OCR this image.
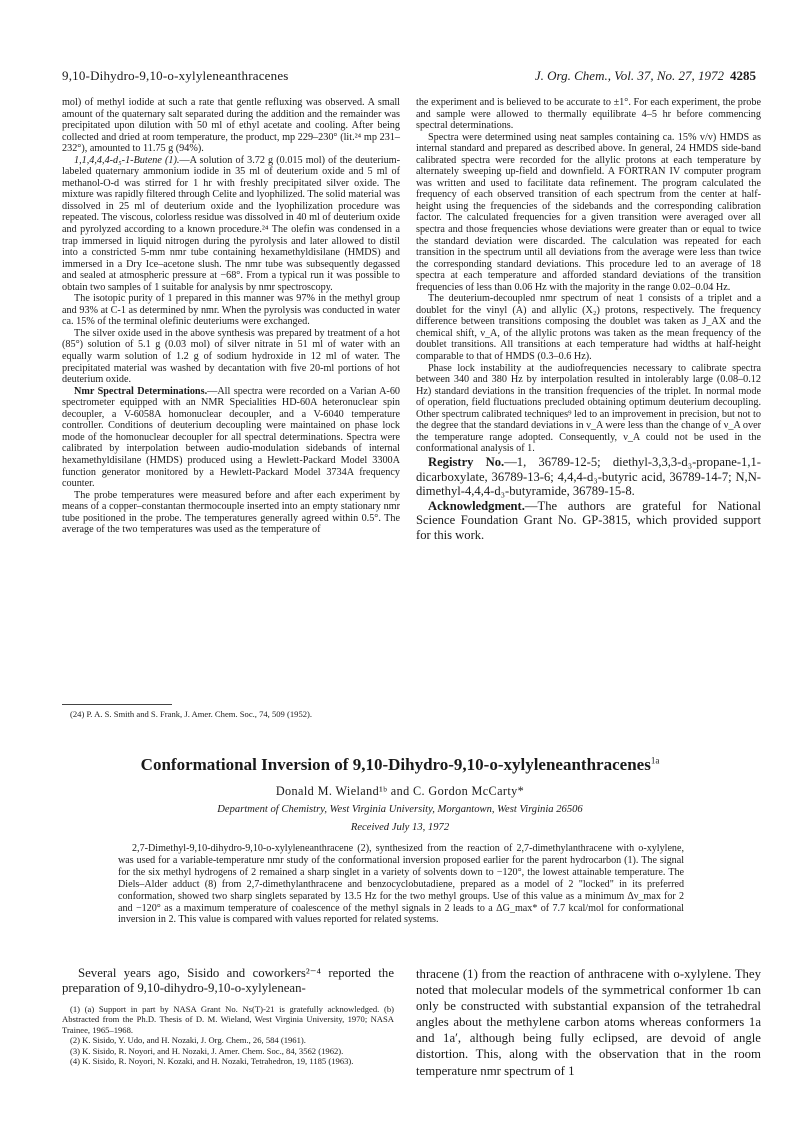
9,10-Dihydro-9,10-o-xylyleneanthracenes	J. Org. Chem., Vol. 37, No. 27, 1972 4285

mol) of methyl iodide at such a rate that gentle refluxing was observed. A small amount of the quaternary salt separated during the addition and the remainder was precipitated upon dilution with 50 ml of ethyl acetate and cooling. After being collected and dried at room temperature, the product, mp 229–230° (lit.²⁴ mp 231–232°), amounted to 11.75 g (94%).

1,1,4,4,4-d₅-1-Butene (1).—A solution of 3.72 g (0.015 mol) of the deuterium-labeled quaternary ammonium iodide in 35 ml of deuterium oxide and 5 ml of methanol-O-d was stirred for 1 hr with freshly precipitated silver oxide. The mixture was rapidly filtered through Celite and lyophilized. The solid material was dissolved in 25 ml of deuterium oxide and the lyophilization procedure was repeated. The viscous, colorless residue was dissolved in 40 ml of deuterium oxide and pyrolyzed according to a known procedure.²⁴ The olefin was condensed in a trap immersed in liquid nitrogen during the pyrolysis and later allowed to distil into a constricted 5-mm nmr tube containing hexamethyldisilane (HMDS) and immersed in a Dry Ice–acetone slush. The nmr tube was subsequently degassed and sealed at atmospheric pressure at −68°. From a typical run it was possible to obtain two samples of 1 suitable for analysis by nmr spectroscopy.

The isotopic purity of 1 prepared in this manner was 97% in the methyl group and 93% at C-1 as determined by nmr. When the pyrolysis was conducted in water ca. 15% of the terminal olefinic deuteriums were exchanged.

The silver oxide used in the above synthesis was prepared by treatment of a hot (85°) solution of 5.1 g (0.03 mol) of silver nitrate in 51 ml of water with an equally warm solution of 1.2 g of sodium hydroxide in 12 ml of water. The precipitated material was washed by decantation with five 20-ml portions of hot deuterium oxide.

Nmr Spectral Determinations.—All spectra were recorded on a Varian A-60 spectrometer equipped with an NMR Specialities HD-60A heteronuclear spin decoupler, a V-6058A homonuclear decoupler, and a V-6040 temperature controller. Conditions of deuterium decoupling were maintained on phase lock mode of the homonuclear decoupler for all spectral determinations. Spectra were calibrated by interpolation between audio-modulation sidebands of internal hexamethyldisilane (HMDS) produced using a Hewlett-Packard Model 3300A function generator monitored by a Hewlett-Packard Model 3734A frequency counter.

The probe temperatures were measured before and after each experiment by means of a copper–constantan thermocouple inserted into an empty stationary nmr tube positioned in the probe. The temperatures generally agreed within 0.5°. The average of the two temperatures was used as the temperature of

(24) P. A. S. Smith and S. Frank, J. Amer. Chem. Soc., 74, 509 (1952).

the experiment and is believed to be accurate to ±1°. For each experiment, the probe and sample were allowed to thermally equilibrate 4–5 hr before commencing spectral determinations.

Spectra were determined using neat samples containing ca. 15% v/v) HMDS as internal standard and prepared as described above. In general, 24 HMDS side-band calibrated spectra were recorded for the allylic protons at each temperature by alternately sweeping up-field and downfield. A FORTRAN IV computer program was written and used to facilitate data refinement. The program calculated the frequency of each observed transition of each spectrum from the center at half-height using the frequencies of the sidebands and the corresponding calibration factor. The calculated frequencies for a given transition were averaged over all spectra and those frequencies whose deviations were greater than or equal to twice the standard deviation were discarded. The calculation was repeated for each transition in the spectrum until all deviations from the average were less than twice the corresponding standard deviations. This procedure led to an average of 18 spectra at each temperature and afforded standard deviations of the transition frequencies of less than 0.06 Hz with the majority in the range 0.02–0.04 Hz.

The deuterium-decoupled nmr spectrum of neat 1 consists of a triplet and a doublet for the vinyl (A) and allylic (X₂) protons, respectively. The frequency difference between transitions composing the doublet was taken as J_AX and the chemical shift, ν_A, of the allylic protons was taken as the mean frequency of the doublet transitions. All transitions at each temperature had widths at half-height comparable to that of HMDS (0.3–0.6 Hz).

Phase lock instability at the audiofrequencies necessary to calibrate spectra between 340 and 380 Hz by interpolation resulted in intolerably large (0.08–0.12 Hz) standard deviations in the transition frequencies of the triplet. In normal mode of operation, field fluctuations precluded obtaining optimum deuterium decoupling. Other spectrum calibrated techniques⁹ led to an improvement in precision, but not to the degree that the standard deviations in ν_A were less than the change of ν_A over the temperature range adopted. Consequently, ν_A could not be used in the conformational analysis of 1.

Registry No.—1, 36789-12-5; diethyl-3,3,3-d₃-propane-1,1-dicarboxylate, 36789-13-6; 4,4,4-d₃-butyric acid, 36789-14-7; N,N-dimethyl-4,4,4-d₃-butyramide, 36789-15-8.

Acknowledgment.—The authors are grateful for National Science Foundation Grant No. GP-3815, which provided support for this work.

Conformational Inversion of 9,10-Dihydro-9,10-o-xylyleneanthracenes$^{1a}$
Donald M. Wieland¹ᵇ and C. Gordon McCarty*
Department of Chemistry, West Virginia University, Morgantown, West Virginia 26506
Received July 13, 1972

2,7-Dimethyl-9,10-dihydro-9,10-o-xylyleneanthracene (2), synthesized from the reaction of 2,7-dimethylanthracene with o-xylylene, was used for a variable-temperature nmr study of the conformational inversion proposed earlier for the parent hydrocarbon (1). The signal for the six methyl hydrogens of 2 remained a sharp singlet in a variety of solvents down to −120°, the lowest attainable temperature. The Diels–Alder adduct (8) from 2,7-dimethylanthracene and benzocyclobutadiene, prepared as a model of 2 "locked" in its preferred conformation, showed two sharp singlets separated by 13.5 Hz for the two methyl groups. Use of this value as a minimum Δν_max for 2 and −120° as a maximum temperature of coalescence of the methyl signals in 2 leads to a ΔG_max* of 7.7 kcal/mol for conformational inversion in 2. This value is compared with values reported for related systems.

Several years ago, Sisido and coworkers²⁻⁴ reported the preparation of 9,10-dihydro-9,10-o-xylylenean-

(1) (a) Support in part by NASA Grant No. Ns(T)-21 is gratefully acknowledged. (b) Abstracted from the Ph.D. Thesis of D. M. Wieland, West Virginia University, 1970; NASA Trainee, 1965–1968.

(2) K. Sisido, Y. Udo, and H. Nozaki, J. Org. Chem., 26, 584 (1961).

(3) K. Sisido, R. Noyori, and H. Nozaki, J. Amer. Chem. Soc., 84, 3562 (1962).

(4) K. Sisido, R. Noyori, N. Kozaki, and H. Nozaki, Tetrahedron, 19, 1185 (1963).

thracene (1) from the reaction of anthracene with o-xylylene. They noted that molecular models of the symmetrical conformer 1b can only be constructed with substantial expansion of the tetrahedral angles about the methylene carbon atoms whereas conformers 1a and 1a′, although being fully eclipsed, are devoid of angle distortion. This, along with the observation that in the room temperature nmr spectrum of 1
